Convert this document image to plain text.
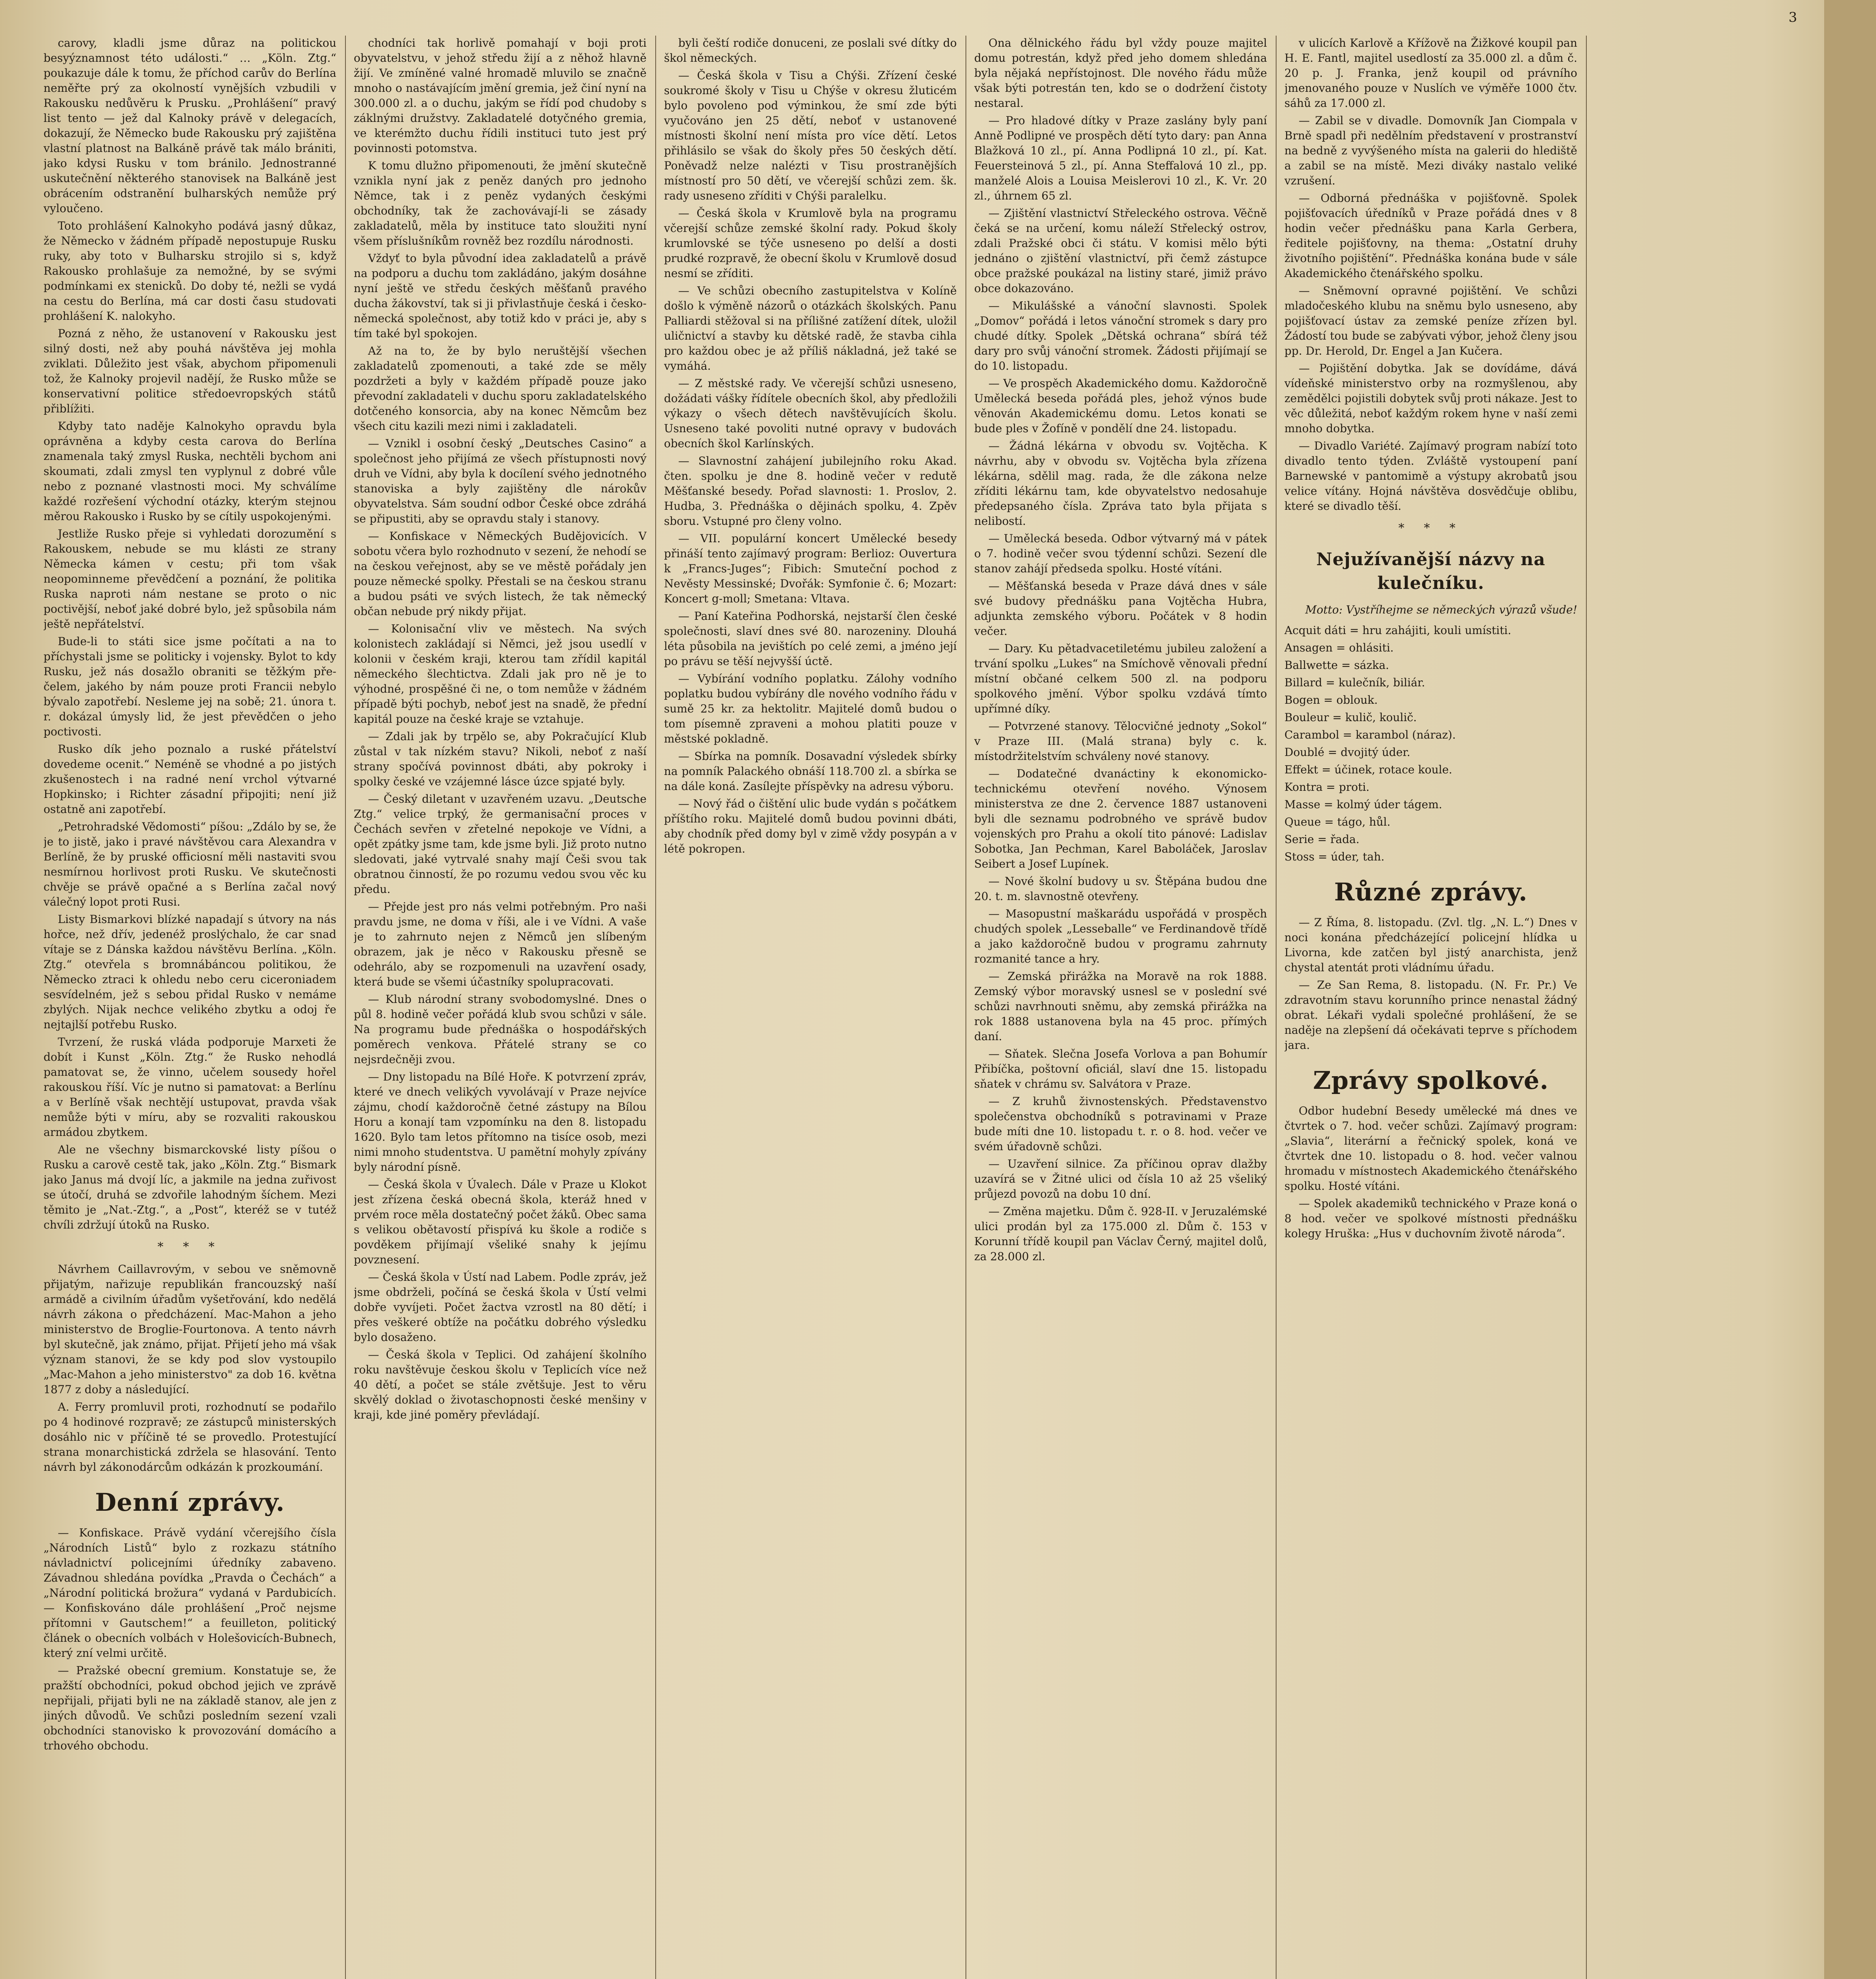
3

carovy, kladli jsme důraz na politickou besyýznamnost této události.“ … „Köln. Ztg.“ poukazuje dále k tomu, že příchod carův do Berlína neměřte prý za okolností vynějších vzbudili v Rakousku nedůvěru k Prusku. „Prohlášení“ pravý list tento — jež dal Kalnoky právě v delegacích, dokazují, že Německo bude Rakousku prý zajištěna vlastní platnost na Balkáně právě tak málo brániti, jako kdysi Rusku v tom bránilo. Jednostranné uskutečnění některého stanovisek na Balkáně jest obrácením odstranění bulharských nemůže prý vyloučeno.

Toto prohlášení Kalnokyho podává jasný důkaz, že Německo v žádném případě nepostupuje Rusku ruky, aby toto v Bulharsku strojilo si s, když Rakousko prohlašuje za nemožné, by se svými podmínkami ex stenicků. Do doby té, nežli se vydá na cestu do Berlína, má car dosti času studovati prohlášení K. nalokyho.

Pozná z něho, že ustanovení v Rakousku jest silný dosti, než aby pouhá návštěva jej mohla zviklati. Důležito jest však, abychom připomenuli tož, že Kalnoky projevil nadějí, že Rusko může se konservativní politice středoevropských států přiblížiti.

Kdyby tato naděje Kalnokyho opravdu byla oprávněna a kdyby cesta carova do Berlína znamenala taký zmysl Ruska, nechtěli bychom ani skoumati, zdali zmysl ten vyplynul z dobré vůle nebo z poznané vlastnosti moci. My schválíme každé rozřešení východní otázky, kterým stejnou měrou Rakousko i Rusko by se cítily uspokojenými.

Jestliže Rusko přeje si vyhledati dorozumění s Rakouskem, nebude se mu klásti ze strany Německa kámen v cestu; při tom však neopominneme převědčení a poznání, že politika Ruska naproti nám nestane se proto o nic poctivější, neboť jaké dobré bylo, jež spůsobila nám ještě nepřátelství.

Bude-li to státi sice jsme počítati a na to příchystali jsme se politicky i vojensky. Bylot to kdy Rusku, jež nás dosažlo obraniti se těžkým přečelem, jakého by nám pouze proti Francii nebylo bývalo zapotřebí. Nesleme jej na sobě; 21. února t. r. dokázal úmysly lid, že jest převědčen o jeho poctivosti.

Rusko dík jeho poznalo a ruské přátelství dovedeme ocenit.“ Neméně se vhodné a po jistých zkušenostech i na radné není vrchol výtvarné Hopkinsko; i Richter zásadní připojiti; není již ostatně ani zapotřebí.

„Petrohradské Vědomosti“ píšou: „Zdálo by se, že je to jistě, jako i pravé návštěvou cara Alexandra v Berlíně, že by pruské officiosní měli nastaviti svou nesmírnou horlivost proti Rusku. Ve skutečnosti chvěje se právě opačné a s Berlína začal nový válečný lopot proti Rusi.

Listy Bismarkovi blízké napadají s útvory na nás hořce, než dřív, jedenéž proslýchalo, že car snad vítaje se z Dánska každou návštěvu Berlína. „Köln. Ztg.“ otevřela s bromnábáncou politikou, že Německo ztraci k ohledu nebo ceru ciceroniadem sesvídelném, jež s sebou přidal Rusko v nemáme zbylých. Nijak nechce velikého zbytku a odoj ře nejtajlší potřebu Rusko.

Tvrzení, že ruská vláda podporuje Marxeti že dobít i Kunst „Köln. Ztg.“ že Rusko nehodlá pamatovat se, že vinno, učelem sousedy hořel rakouskou říší. Víc je nutno si pamatovat: a Berlínu a v Berlíně však nechtějí ustupovat, pravda však nemůže býti v míru, aby se rozvaliti rakouskou armádou zbytkem.

Ale ne všechny bismarckovské listy píšou o Rusku a carově cestě tak, jako „Köln. Ztg.“ Bismark jako Janus má dvojí líc, a jakmile na jedna zuřivost se útočí, druhá se zdvořile lahodným šíchem. Mezi těmito je „Nat.-Ztg.“, a „Post“, kteréž se v tutéž chvíli zdržují útoků na Rusko.

* * *

Návrhem Caillavrovým, v sebou ve sněmovně přijatým, nařizuje republikán francouzský naší armádě a civilním úřadům vyšetřování, kdo nedělá návrh zákona o předcházení. Mac-Mahon a jeho ministerstvo de Broglie-Fourtonova. A tento návrh byl skutečně, jak známo, přijat. Přijetí jeho má však význam stanovi, že se kdy pod slov vystoupilo „Mac-Mahon a jeho ministerstvo" za dob 16. května 1877 z doby a následující.

A. Ferry promluvil proti, rozhodnutí se podařilo po 4 hodinové rozpravě; ze zástupců ministerských dosáhlo nic v příčině té se provedlo. Protestující strana monarchistická zdržela se hlasování. Tento návrh byl zákonodárcům odkázán k prozkoumání.

Denní zprávy.

— Konfiskace. Právě vydání včerejšího čísla „Národních Listů“ bylo z rozkazu státního návladnictví policejními úředníky zabaveno. Závadnou shledána povídka „Pravda o Čechách“ a „Národní politická brožura“ vydaná v Pardubicích. — Konfiskováno dále prohlášení „Proč nejsme přítomni v Gautschem!“ a feuilleton, politický článek o obecních volbách v Holešovicích-Bubnech, který zní velmi určitě.

— Pražské obecní gremium. Konstatuje se, že pražští obchodníci, pokud obchod jejich ve zprávě nepřijali, přijati byli ne na základě stanov, ale jen z jiných důvodů. Ve schůzi posledním sezení vzali obchodníci stanovisko k provozování domácího a trhového obchodu.

chodníci tak horlivě pomahají v boji proti obyvatelstvu, v jehož středu žijí a z něhož hlavně žijí. Ve zmíněné valné hromadě mluvilo se značně mnoho o nastávajícím jmění gremia, jež činí nyní na 300.000 zl. a o duchu, jakým se řídí pod chudoby s záklnými družstvy. Zakladatelé dotyčného gremia, ve kterémžto duchu řídili instituci tuto jest prý povinnosti potomstva.

K tomu dlužno připomenouti, že jmění skutečně vznikla nyní jak z peněz daných pro jednoho Němce, tak i z peněz vydaných českými obchodníky, tak že zachovávají-li se zásady zakladatelů, měla by instituce tato sloužiti nyní všem příslušníkům rovněž bez rozdílu národnosti.

Vždyť to byla původní idea zakladatelů a právě na podporu a duchu tom zakládáno, jakým dosáhne nyní ještě ve středu českých měšťanů pravého ducha žákovství, tak si ji přivlastňuje česká i česko-německá společnost, aby totiž kdo v práci je, aby s tím také byl spokojen.

Až na to, že by bylo neruštější všechen zakladatelů zpomenouti, a také zde se měly pozdržeti a byly v každém případě pouze jako převodní zakladateli v duchu sporu zakladatelského dotčeného konsorcia, aby na konec Němcům bez všech citu kazili mezi nimi i zakladateli.

— Vznikl i osobní český „Deutsches Casino“ a společnost jeho přijímá ze všech přístupnosti nový druh ve Vídni, aby byla k docílení svého jednotného stanoviska a byly zajištěny dle nárokův obyvatelstva. Sám soudní odbor České obce zdráhá se připustiti, aby se opravdu staly i stanovy.

— Konfiskace v Německých Budějovicích. V sobotu včera bylo rozhodnuto v sezení, že nehodí se na českou veřejnost, aby se ve městě pořádaly jen pouze německé spolky. Přestali se na českou stranu a budou psáti ve svých listech, že tak německý občan nebude prý nikdy přijat.

— Kolonisační vliv ve městech. Na svých kolonistech zakládají si Němci, jež jsou usedlí v kolonii v českém kraji, kterou tam zřídil kapitál německého šlechtictva. Zdali jak pro ně je to výhodné, prospěšné či ne, o tom nemůže v žádném případě býti pochyb, neboť jest na snadě, že přední kapitál pouze na české kraje se vztahuje.

— Zdali jak by trpělo se, aby Pokračující Klub zůstal v tak nízkém stavu? Nikoli, neboť z naší strany spočívá povinnost dbáti, aby pokroky i spolky české ve vzájemné lásce úzce spjaté byly.

— Český diletant v uzavřeném uzavu. „Deutsche Ztg.“ velice trpký, že germanisační proces v Čechách sevřen v zřetelné nepokoje ve Vídni, a opět zpátky jsme tam, kde jsme byli. Již proto nutno sledovati, jaké vytrvalé snahy mají Češi svou tak obratnou činností, že po rozumu vedou svou věc ku předu.

— Přejde jest pro nás velmi potřebným. Pro naši pravdu jsme, ne doma v říši, ale i ve Vídni. A vaše je to zahrnuto nejen z Němců jen slíbeným obrazem, jak je něco v Rakousku přesně se odehrálo, aby se rozpomenuli na uzavření osady, která bude se všemi účastníky spolupracovati.

— Klub národní strany svobodomyslné. Dnes o půl 8. hodině večer pořádá klub svou schůzi v sále. Na programu bude přednáška o hospodářských poměrech venkova. Přátelé strany se co nejsrdečněji zvou.

— Dny listopadu na Bílé Hoře. K potvrzení zpráv, které ve dnech velikých vyvolávají v Praze nejvíce zájmu, chodí každoročně četné zástupy na Bílou Horu a konají tam vzpomínku na den 8. listopadu 1620. Bylo tam letos přítomno na tisíce osob, mezi nimi mnoho studentstva. U pamětní mohyly zpívány byly národní písně.

— Česká škola v Úvalech. Dále v Praze u Klokot jest zřízena česká obecná škola, kteráž hned v prvém roce měla dostatečný počet žáků. Obec sama s velikou obětavostí přispívá ku škole a rodiče s povděkem přijímají všeliké snahy k jejímu povznesení.

— Česká škola v Ústí nad Labem. Podle zpráv, jež jsme obdrželi, počíná se česká škola v Ústí velmi dobře vyvíjeti. Počet žactva vzrostl na 80 dětí; i přes veškeré obtíže na počátku dobrého výsledku bylo dosaženo.

— Česká škola v Teplici. Od zahájení školního roku navštěvuje českou školu v Teplicích více než 40 dětí, a počet se stále zvětšuje. Jest to věru skvělý doklad o životaschopnosti české menšiny v kraji, kde jiné poměry převládají.

byli čeští rodiče donuceni, ze poslali své dítky do škol německých.

— Česká škola v Tisu a Chýši. Zřízení české soukromé školy v Tisu u Chýše v okresu žluticém bylo povoleno pod výminkou, že smí zde býti vyučováno jen 25 dětí, neboť v ustanovené místnosti školní není místa pro více dětí. Letos přihlásilo se však do školy přes 50 českých dětí. Poněvadž nelze nalézti v Tisu prostranějších místností pro 50 dětí, ve včerejší schůzi zem. šk. rady usneseno zříditi v Chýši paralelku.

— Česká škola v Krumlově byla na programu včerejší schůze zemské školní rady. Pokud školy krumlovské se týče usneseno po delší a dosti prudké rozpravě, že obecní školu v Krumlově dosud nesmí se zříditi.

— Ve schůzi obecního zastupitelstva v Kolíně došlo k výměně názorů o otázkách školských. Panu Palliardi stěžoval si na přílišné zatížení dítek, uložil uličnictví a stavby ku dětské radě, že stavba cihla pro každou obec je až příliš nákladná, jež také se vymáhá.

— Z městské rady. Ve včerejší schůzi usneseno, dožádati vášky řídítele obecních škol, aby předložili výkazy o všech dětech navštěvujících školu. Usneseno také povoliti nutné opravy v budovách obecních škol Karlínských.

— Slavnostní zahájení jubilejního roku Akad. čten. spolku je dne 8. hodině večer v redutě Měšťanské besedy. Pořad slavnosti: 1. Proslov, 2. Hudba, 3. Přednáška o dějinách spolku, 4. Zpěv sboru. Vstupné pro členy volno.

— VII. populární koncert Umělecké besedy přináší tento zajímavý program: Berlioz: Ouvertura k „Francs-Juges“; Fibich: Smuteční pochod z Nevěsty Messinské; Dvořák: Symfonie č. 6; Mozart: Koncert g-moll; Smetana: Vltava.

— Paní Kateřina Podhorská, nejstarší člen české společnosti, slaví dnes své 80. narozeniny. Dlouhá léta působila na jevištích po celé zemi, a jméno její po právu se těší nejvyšší úctě.

— Vybírání vodního poplatku. Zálohy vodního poplatku budou vybírány dle nového vodního řádu v sumě 25 kr. za hektolitr. Majitelé domů budou o tom písemně zpraveni a mohou platiti pouze v městské pokladně.

— Sbírka na pomník. Dosavadní výsledek sbírky na pomník Palackého obnáší 118.700 zl. a sbírka se na dále koná. Zasílejte příspěvky na adresu výboru.

— Nový řád o čištění ulic bude vydán s počátkem příštího roku. Majitelé domů budou povinni dbáti, aby chodník před domy byl v zimě vždy posypán a v létě pokropen.

Ona dělnického řádu byl vždy pouze majitel domu potrestán, když před jeho domem shledána byla nějaká nepřístojnost. Dle nového řádu může však býti potrestán ten, kdo se o dodržení čistoty nestaral.

— Pro hladové dítky v Praze zaslány byly paní Anně Podlipné ve prospěch dětí tyto dary: pan Anna Blažková 10 zl., pí. Anna Podlipná 10 zl., pí. Kat. Feuersteinová 5 zl., pí. Anna Steffalová 10 zl., pp. manželé Alois a Louisa Meislerovi 10 zl., K. Vr. 20 zl., úhrnem 65 zl.

— Zjištění vlastnictví Střeleckého ostrova. Věčně čeká se na určení, komu náleží Střelecký ostrov, zdali Pražské obci či státu. V komisi mělo býti jednáno o zjištění vlastnictví, při čemž zástupce obce pražské poukázal na listiny staré, jimiž právo obce dokazováno.

— Mikulášské a vánoční slavnosti. Spolek „Domov“ pořádá i letos vánoční stromek s dary pro chudé dítky. Spolek „Dětská ochrana“ sbírá též dary pro svůj vánoční stromek. Žádosti přijímají se do 10. listopadu.

— Ve prospěch Akademického domu. Každoročně Umělecká beseda pořádá ples, jehož výnos bude věnován Akademickému domu. Letos konati se bude ples v Žofíně v pondělí dne 24. listopadu.

— Žádná lékárna v obvodu sv. Vojtěcha. K návrhu, aby v obvodu sv. Vojtěcha byla zřízena lékárna, sdělil mag. rada, že dle zákona nelze zříditi lékárnu tam, kde obyvatelstvo nedosahuje předepsaného čísla. Zpráva tato byla přijata s nelibostí.

— Umělecká beseda. Odbor výtvarný má v pátek o 7. hodině večer svou týdenní schůzi. Sezení dle stanov zahájí předseda spolku. Hosté vítáni.

— Měšťanská beseda v Praze dává dnes v sále své budovy přednášku pana Vojtěcha Hubra, adjunkta zemského výboru. Počátek v 8 hodin večer.

— Dary. Ku pětadvacetiletému jubileu založení a trvání spolku „Lukes“ na Smíchově věnovali přední místní občané celkem 500 zl. na podporu spolkového jmění. Výbor spolku vzdává tímto upřímné díky.

— Potvrzené stanovy. Tělocvičné jednoty „Sokol“ v Praze III. (Malá strana) byly c. k. místodržitelstvím schváleny nové stanovy.

— Dodatečné dvanáctiny k ekonomicko-technickému otevření nového. Výnosem ministerstva ze dne 2. července 1887 ustanoveni byli dle seznamu podrobného ve správě budov vojenských pro Prahu a okolí tito pánové: Ladislav Sobotka, Jan Pechman, Karel Baboláček, Jaroslav Seibert a Josef Lupínek.

— Nové školní budovy u sv. Štěpána budou dne 20. t. m. slavnostně otevřeny.

— Masopustní maškarádu uspořádá v prospěch chudých spolek „Lesseballe“ ve Ferdinandově třídě a jako každoročně budou v programu zahrnuty rozmanité tance a hry.

— Zemská přirážka na Moravě na rok 1888. Zemský výbor moravský usnesl se v poslední své schůzi navrhnouti sněmu, aby zemská přirážka na rok 1888 ustanovena byla na 45 proc. přímých daní.

— Sňatek. Slečna Josefa Vorlova a pan Bohumír Přibíčka, poštovní oficiál, slaví dne 15. listopadu sňatek v chrámu sv. Salvátora v Praze.

— Z kruhů živnostenských. Představenstvo společenstva obchodníků s potravinami v Praze bude míti dne 10. listopadu t. r. o 8. hod. večer ve svém úřadovně schůzi.

— Uzavření silnice. Za příčinou oprav dlažby uzavírá se v Žitné ulici od čísla 10 až 25 všeliký průjezd povozů na dobu 10 dní.

— Změna majetku. Dům č. 928-II. v Jeruzalémské ulici prodán byl za 175.000 zl. Dům č. 153 v Korunní třídě koupil pan Václav Černý, majitel dolů, za 28.000 zl.

v ulicích Karlově a Křížově na Žižkové koupil pan H. E. Fantl, majitel usedlostí za 35.000 zl. a dům č. 20 p. J. Franka, jenž koupil od právního jmenovaného pouze v Nuslích ve výměře 1000 čtv. sáhů za 17.000 zl.

— Zabil se v divadle. Domovník Jan Ciompala v Brně spadl při nedělním představení v prostranství na bedně z vyvýšeného místa na galerii do hlediště a zabil se na místě. Mezi diváky nastalo veliké vzrušení.

— Odborná přednáška v pojišťovně. Spolek pojišťovacích úředníků v Praze pořádá dnes v 8 hodin večer přednášku pana Karla Gerbera, ředitele pojišťovny, na thema: „Ostatní druhy životního pojištění“. Přednáška konána bude v sále Akademického čtenářského spolku.

— Sněmovní opravné pojištění. Ve schůzi mladočeského klubu na sněmu bylo usneseno, aby pojišťovací ústav za zemské peníze zřízen byl. Žádostí tou bude se zabývati výbor, jehož členy jsou pp. Dr. Herold, Dr. Engel a Jan Kučera.

— Pojištění dobytka. Jak se dovídáme, dává vídeňské ministerstvo orby na rozmyšlenou, aby zemědělci pojistili dobytek svůj proti nákaze. Jest to věc důležitá, neboť každým rokem hyne v naší zemi mnoho dobytka.

— Divadlo Variété. Zajímavý program nabízí toto divadlo tento týden. Zvláště vystoupení paní Barnewské v pantomimě a výstupy akrobatů jsou velice vítány. Hojná návštěva dosvědčuje oblibu, které se divadlo těší.

* * *
Nejužívanější názvy na kulečníku.
Motto: Vystříhejme se německých výrazů všude!

Acquit dáti = hru zahájiti, kouli umístiti.

Ansagen = ohlásiti.

Ballwette = sázka.

Billard = kulečník, biliár.

Bogen = oblouk.

Bouleur = kulič, koulič.

Carambol = karambol (náraz).

Doublé = dvojitý úder.

Effekt = účinek, rotace koule.

Kontra = proti.

Masse = kolmý úder tágem.

Queue = tágo, hůl.

Serie = řada.

Stoss = úder, tah.

Různé zprávy.

— Z Říma, 8. listopadu. (Zvl. tlg. „N. L.“) Dnes v noci konána předcházející policejní hlídka u Livorna, kde zatčen byl jistý anarchista, jenž chystal atentát proti vládnímu úřadu.

— Ze San Rema, 8. listopadu. (N. Fr. Pr.) Ve zdravotním stavu korunního prince nenastal žádný obrat. Lékaři vydali společné prohlášení, že se naděje na zlepšení dá očekávati teprve s příchodem jara.

Zprávy spolkové.

Odbor hudební Besedy umělecké má dnes ve čtvrtek o 7. hod. večer schůzi. Zajímavý program: „Slavia“, literární a řečnický spolek, koná ve čtvrtek dne 10. listopadu o 8. hod. večer valnou hromadu v místnostech Akademického čtenářského spolku. Hosté vítáni.

— Spolek akademiků technického v Praze koná o 8 hod. večer ve spolkové místnosti přednášku kolegy Hruška: „Hus v duchovním životě národa“.
